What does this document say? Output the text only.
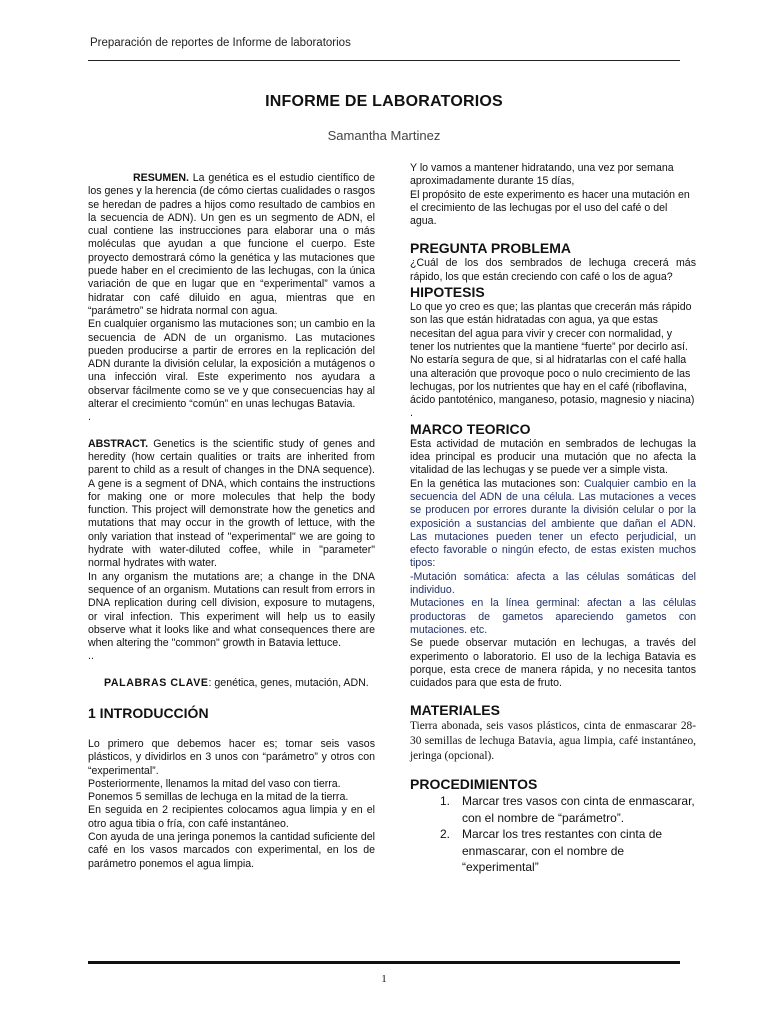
Preparación de reportes de Informe de laboratorios
INFORME DE LABORATORIOS
Samantha Martinez

RESUMEN. La genética es el estudio científico de los genes y la herencia (de cómo ciertas cualidades o rasgos se heredan de padres a hijos como resultado de cambios en la secuencia de ADN). Un gen es un segmento de ADN, el cual contiene las instrucciones para elaborar una o más moléculas que ayudan a que funcione el cuerpo. Este proyecto demostrará cómo la genética y las mutaciones que puede haber en el crecimiento de las lechugas, con la única variación de que en lugar que en “experimental” vamos a hidratar con café diluido en agua, mientras que en “parámetro” se hidrata normal con agua.

En cualquier organismo las mutaciones son; un cambio en la secuencia de ADN de un organismo. Las mutaciones pueden producirse a partir de errores en la replicación del ADN durante la división celular, la exposición a mutágenos o una infección viral. Este experimento nos ayudara a observar fácilmente como se ve y que consecuencias hay al alterar el crecimiento “común” en unas lechugas Batavia.

.

ABSTRACT. Genetics is the scientific study of genes and heredity (how certain qualities or traits are inherited from parent to child as a result of changes in the DNA sequence). A gene is a segment of DNA, which contains the instructions for making one or more molecules that help the body function. This project will demonstrate how the genetics and mutations that may occur in the growth of lettuce, with the only variation that instead of "experimental" we are going to hydrate with water-diluted coffee, while in "parameter" normal hydrates with water.

In any organism the mutations are; a change in the DNA sequence of an organism. Mutations can result from errors in DNA replication during cell division, exposure to mutagens, or viral infection. This experiment will help us to easily observe what it looks like and what consequences there are when altering the "common" growth in Batavia lettuce.

..

PALABRAS CLAVE: genética, genes, mutación, ADN.

1 INTRODUCCIÓN

Lo primero que debemos hacer es; tomar seis vasos plásticos, y dividirlos en 3 unos con “parámetro” y otros con “experimental”.

Posteriormente, llenamos la mitad del vaso con tierra.

Ponemos 5 semillas de lechuga en la mitad de la tierra.

En seguida en 2 recipientes colocamos agua limpia y en el otro agua tibia o fría, con café instantáneo.

Con ayuda de una jeringa ponemos la cantidad suficiente del café en los vasos marcados con experimental, en los de parámetro ponemos el agua limpia.

Y lo vamos a mantener hidratando, una vez por semana aproximadamente durante 15 días,

El propósito de este experimento es hacer una mutación en el crecimiento de las lechugas por el uso del café o del agua.

PREGUNTA PROBLEMA

¿Cuál de los dos sembrados de lechuga crecerá más rápido, los que están creciendo con café o los de agua?

HIPOTESIS

Lo que yo creo es que; las plantas que crecerán más rápido son las que están hidratadas con agua, ya que estas necesitan del agua para vivir y crecer con normalidad, y tener los nutrientes que la mantiene “fuerte” por decirlo así.

No estaría segura de que, si al hidratarlas con el café halla una alteración que provoque poco o nulo crecimiento de las lechugas, por los nutrientes que hay en el café (riboflavina, ácido pantoténico, manganeso, potasio, magnesio y niacina)

.

MARCO TEORICO

Esta actividad de mutación en sembrados de lechugas la idea principal es producir una mutación que no afecta la vitalidad de las lechugas y se puede ver a simple vista.

En la genética las mutaciones son: Cualquier cambio en la secuencia del ADN de una célula. Las mutaciones a veces se producen por errores durante la división celular o por la exposición a sustancias del ambiente que dañan el ADN. Las mutaciones pueden tener un efecto perjudicial, un efecto favorable o ningún efecto, de estas existen muchos tipos:

-Mutación somática: afecta a las células somáticas del individuo.

Mutaciones en la línea germinal: afectan a las células productoras de gametos apareciendo gametos con mutaciones. etc.

Se puede observar mutación en lechugas, a través del experimento o laboratorio. El uso de la lechiga Batavia es porque, esta crece de manera rápida, y no necesita tantos cuidados para que esta de fruto.

MATERIALES

Tierra abonada, seis vasos plásticos, cinta de enmascarar 28-30 semillas de lechuga Batavia, agua limpia, café instantáneo, jeringa (opcional).

PROCEDIMIENTOS
1.	Marcar tres vasos con cinta de enmascarar, con el nombre de “parámetro”.
2.	Marcar los tres restantes con cinta de enmascarar, con el nombre de “experimental”
1
